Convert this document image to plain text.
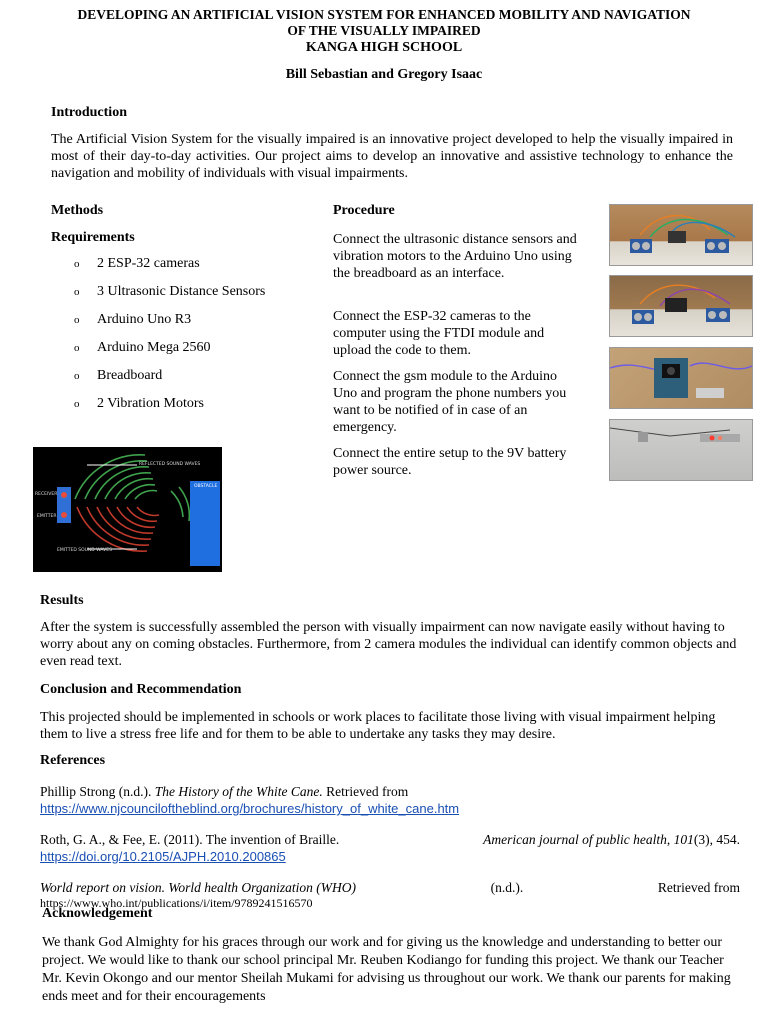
DEVELOPING AN ARTIFICIAL VISION SYSTEM FOR ENHANCED MOBILITY AND NAVIGATION
OF THE VISUALLY IMPAIRED
KANGA HIGH SCHOOL
Bill Sebastian and Gregory Isaac
Introduction
The Artificial Vision System for the visually impaired is an innovative project developed to help the visually impaired in most of their day-to-day activities. Our project aims to develop an innovative and assistive technology to enhance the navigation and mobility of individuals with visual impairments.
Methods
Requirements
o 2 ESP-32 cameras
o 3 Ultrasonic Distance Sensors
o Arduino Uno R3
o Arduino Mega 2560
o Breadboard
o 2 Vibration Motors
REFLECTED SOUND WAVES
EMITTED SOUND WAVES
RECEIVER
EMITTER
OBSTACLE
Procedure
Connect the ultrasonic distance sensors and vibration motors to the Arduino Uno using the breadboard as an interface.
Connect the ESP-32 cameras to the computer using the FTDI module and upload the code to them.
Connect the gsm module to the Arduino Uno and program the phone numbers you want to be notified of in case of an emergency.
Connect the entire setup to the 9V battery power source.
Results
After the system is successfully assembled the person with visually impairment can now navigate easily without having to worry about any on coming obstacles. Furthermore, from 2 camera modules the individual can identify common objects and even read text.
Conclusion and Recommendation
This projected should be implemented in schools or work places to facilitate those living with visual impairment helping them to live a stress free life and for them to be able to undertake any tasks they may desire.
References
Phillip Strong (n.d.). The History of the White Cane. Retrieved from
https://www.njcounciloftheblind.org/brochures/history_of_white_cane.htm
Roth, G. A., & Fee, E. (2011). The invention of Braille.	American journal of public health, 101(3), 454.
https://doi.org/10.2105/AJPH.2010.200865
World report on vision. World health Organization (WHO)	(n.d.).	Retrieved from
https://www.who.int/publications/i/item/9789241516570
Acknowledgement
We thank God Almighty for his graces through our work and for giving us the knowledge and understanding to better our project. We would like to thank our school principal Mr. Reuben Kodiango for funding this project. We thank our Teacher Mr. Kevin Okongo and our mentor Sheilah Mukami for advising us throughout our work. We thank our parents for making ends meet and for their encouragements
